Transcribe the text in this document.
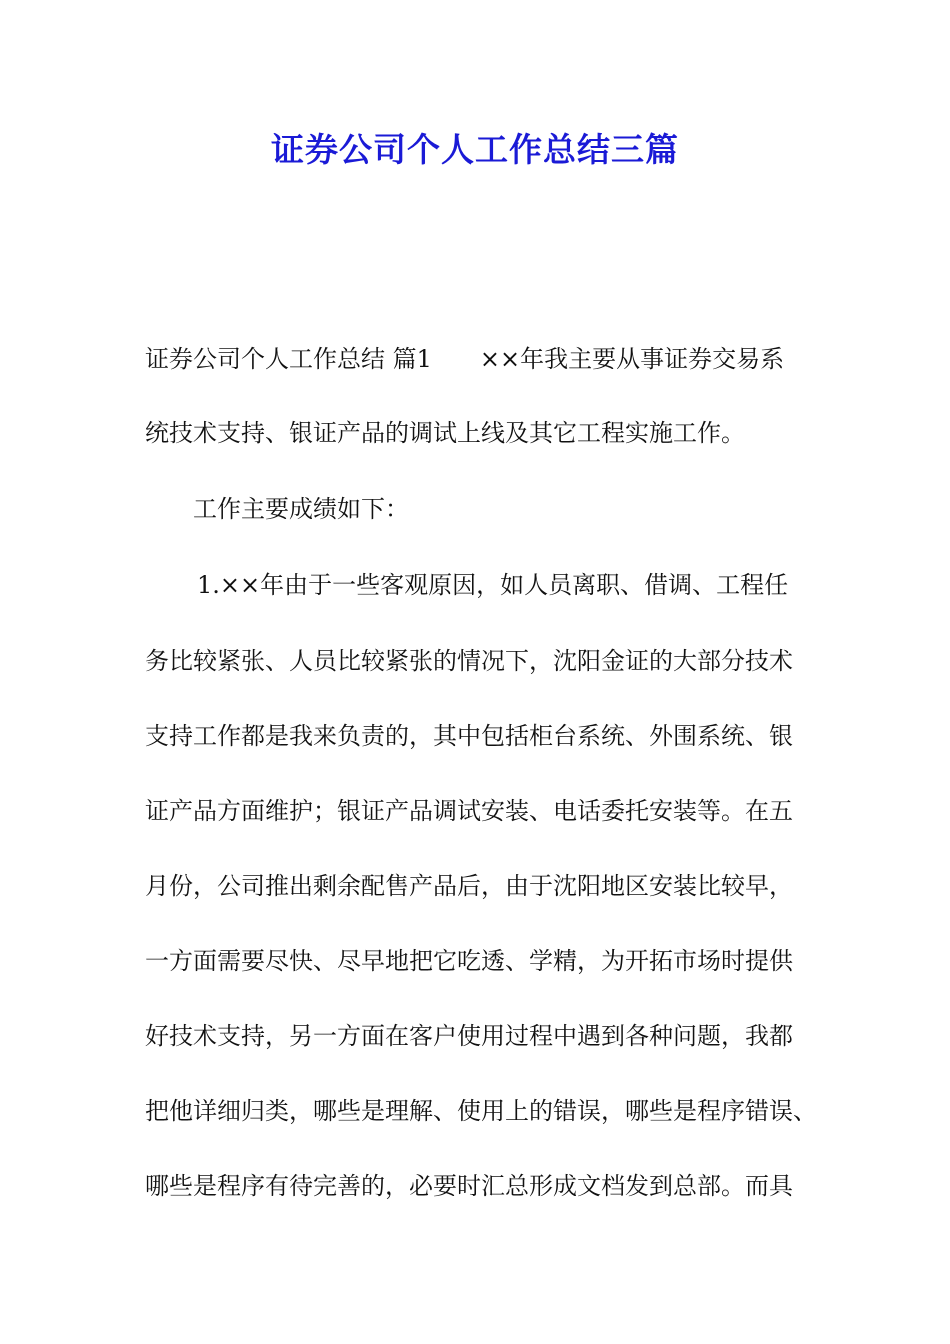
证券公司个人工作总结三篇

证券公司个人工作总结 篇1 ××年我主要从事证券交易系

统技术支持、银证产品的调试上线及其它工程实施工作。

工作主要成绩如下：

1.××年由于一些客观原因，如人员离职、借调、工程任

务比较紧张、人员比较紧张的情况下，沈阳金证的大部分技术

支持工作都是我来负责的，其中包括柜台系统、外围系统、银

证产品方面维护；银证产品调试安装、电话委托安装等。在五

月份，公司推出剩余配售产品后，由于沈阳地区安装比较早，

一方面需要尽快、尽早地把它吃透、学精，为开拓市场时提供

好技术支持，另一方面在客户使用过程中遇到各种问题，我都

把他详细归类，哪些是理解、使用上的错误，哪些是程序错误、

哪些是程序有待完善的，必要时汇总形成文档发到总部。而具
